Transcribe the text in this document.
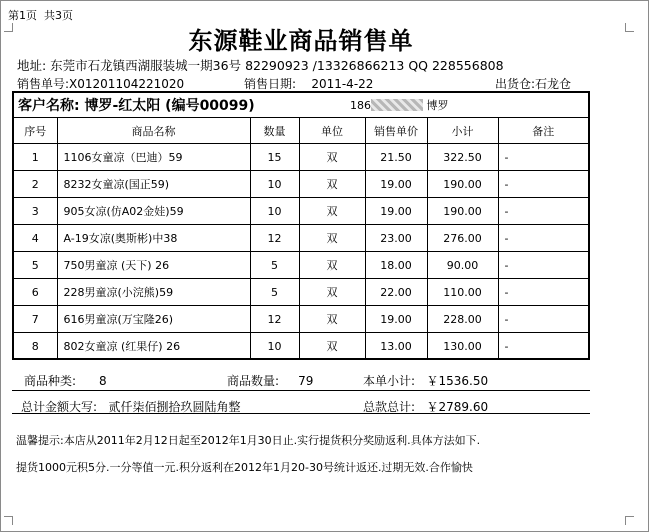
第1页 共3页
东源鞋业商品销售单
地址: 东莞市石龙镇西湖服装城一期36号 82290923 /13326866213 QQ 228556808
销售单号:X01201104221020	销售日期: 2011-4-22	出货仓:石龙仓
客户名称: 博罗-红太阳 (编号00099)	186	博罗
序号	商品名称	数量	单位	销售单价	小计	备注
1	1106女童凉（巴迪）59	15	双	21.50	322.50	-
2	8232女童凉(国正59)	10	双	19.00	190.00	-
3	905女凉(仿A02金娃)59	10	双	19.00	190.00	-
4	A-19女凉(奥斯彬)中38	12	双	23.00	276.00	-
5	750男童凉 (天下) 26	5	双	18.00	90.00	-
6	228男童凉(小浣熊)59	5	双	22.00	110.00	-
7	616男童凉(万宝隆26)	12	双	19.00	228.00	-
8	802女童凉 (红果仔) 26	10	双	13.00	130.00	-
商品种类: 8	商品数量: 79	本单小计: ￥1536.50
总计金额大写: 贰仟柒佰捌拾玖圆陆角整	总款总计: ￥2789.60
温馨提示:本店从2011年2月12日起至2012年1月30日止.实行提货积分奖励返利.具体方法如下.
提货1000元积5分.一分等值一元.积分返利在2012年1月20-30号统计返还.过期无效.合作愉快
